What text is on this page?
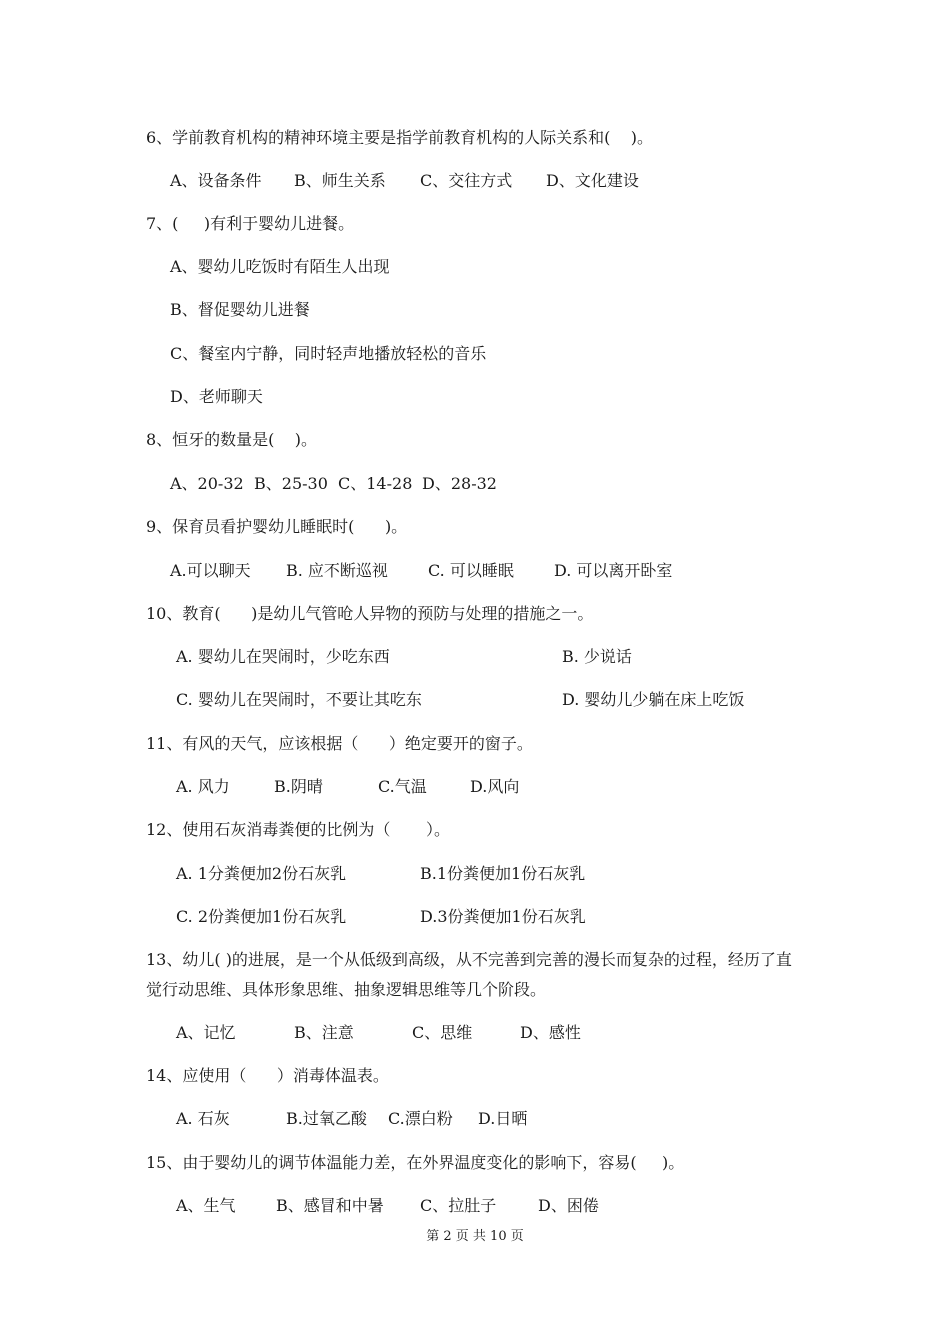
6、学前教育机构的精神环境主要是指学前教育机构的人际关系和(    )。
A、设备条件 B、师生关系 C、交往方式 D、文化建设
7、(     )有利于婴幼儿进餐。
A、婴幼儿吃饭时有陌生人出现
B、督促婴幼儿进餐
C、餐室内宁静，同时轻声地播放轻松的音乐
D、老师聊天
8、恒牙的数量是(    )。
A、20-32 B、25-30 C、14-28 D、28-32
9、保育员看护婴幼儿睡眠时(      )。
A.可以聊天 B. 应不断巡视	C. 可以睡眠	D. 可以离开卧室
10、教育(      )是幼儿气管呛人异物的预防与处理的措施之一。
A. 婴幼儿在哭闹时，少吃东西	B. 少说话
C. 婴幼儿在哭闹时，不要让其吃东	D. 婴幼儿少躺在床上吃饭
11、有风的天气，应该根据（      ）绝定要开的窗子。
A. 风力	B.阴晴	C.气温	D.风向
12、使用石灰消毒粪便的比例为（       ）。
A. 1分粪便加2份石灰乳	B.1份粪便加1份石灰乳
C. 2份粪便加1份石灰乳	D.3份粪便加1份石灰乳
13、幼儿( )的进展，是一个从低级到高级，从不完善到完善的漫长而复杂的过程，经历了直觉行动思维、具体形象思维、抽象逻辑思维等几个阶段。
A、记忆	B、注意	C、思维	D、感性
14、应使用（      ）消毒体温表。
A. 石灰	B.过氧乙酸 C.漂白粉 D.日晒
15、由于婴幼儿的调节体温能力差，在外界温度变化的影响下，容易(     )。
A、生气	B、感冒和中暑 C、拉肚子	D、困倦
第 2 页 共 10 页
